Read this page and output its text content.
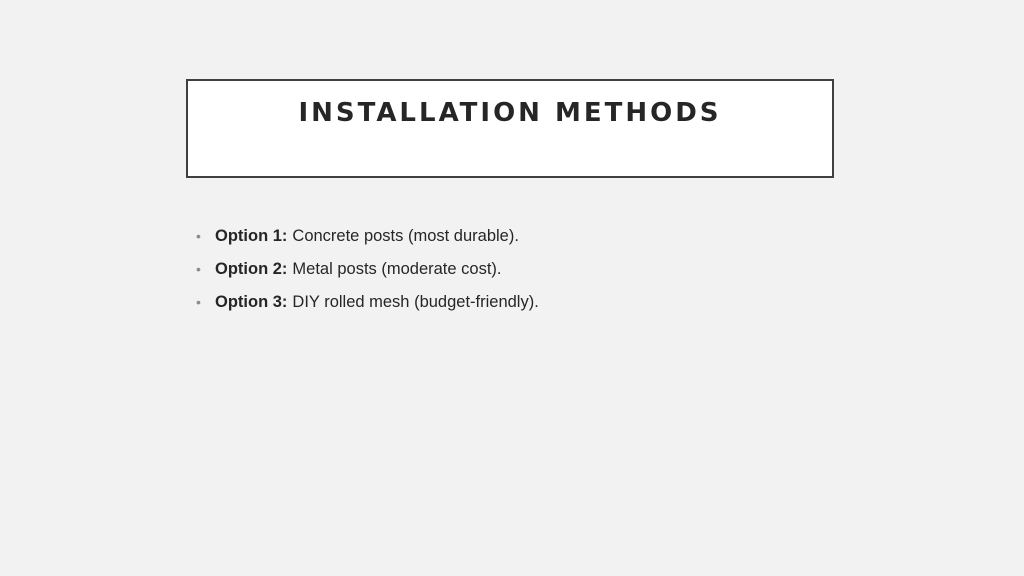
INSTALLATION METHODS
• Option 1: Concrete posts (most durable).
• Option 2: Metal posts (moderate cost).
• Option 3: DIY rolled mesh (budget-friendly).
